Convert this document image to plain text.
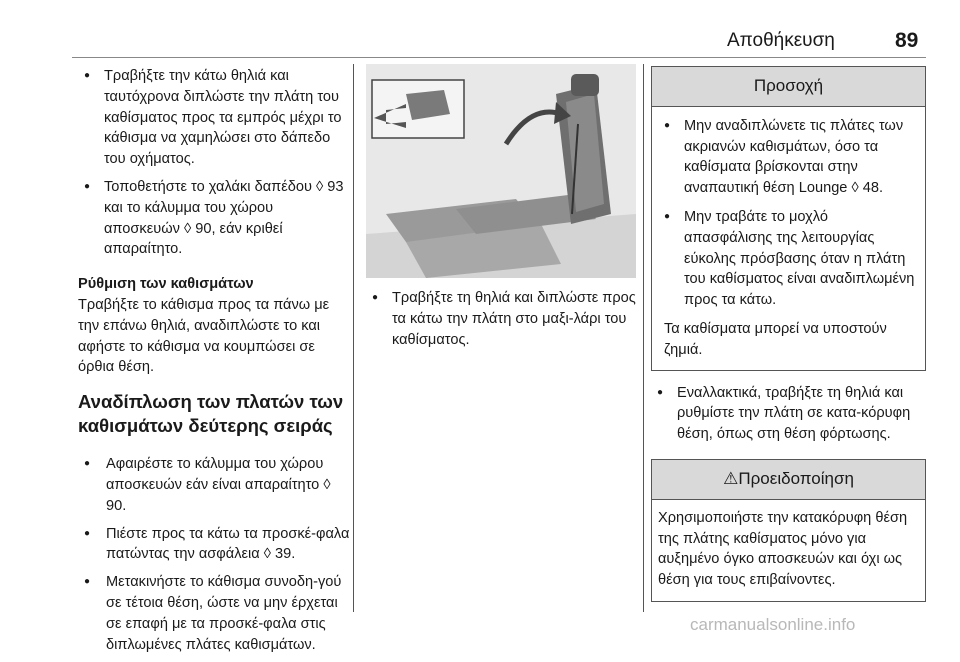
Αποθήκευση	89
● Τραβήξτε την κάτω θηλιά και ταυτόχρονα διπλώστε την πλάτη του καθίσματος προς τα εμπρός μέχρι το κάθισμα να χαμηλώσει στο δάπεδο του οχήματος.
● Τοποθετήστε το χαλάκι δαπέδου ◊ 93 και το κάλυμμα του χώρου αποσκευών ◊ 90, εάν κριθεί απαραίτητο.
Ρύθμιση των καθισμάτων
Τραβήξτε το κάθισμα προς τα πάνω με την επάνω θηλιά, αναδιπλώστε το και αφήστε το κάθισμα να κουμπώσει σε όρθια θέση.
Αναδίπλωση των πλατών των καθισμάτων δεύτερης σειράς
● Αφαιρέστε το κάλυμμα του χώρου αποσκευών εάν είναι απαραίτητο ◊ 90.
● Πιέστε προς τα κάτω τα προσκέ-φαλα πατώντας την ασφάλεια ◊ 39.
● Μετακινήστε το κάθισμα συνοδη-γού σε τέτοια θέση, ώστε να μην έρχεται σε επαφή με τα προσκέ-φαλα στις διπλωμένες πλάτες καθισμάτων.
● Τραβήξτε τη θηλιά και διπλώστε προς τα κάτω την πλάτη στο μαξι-λάρι του καθίσματος.
Προσοχή
● Μην αναδιπλώνετε τις πλάτες των ακριανών καθισμάτων, όσο τα καθίσματα βρίσκονται στην αναπαυτική θέση Lounge ◊ 48.
● Μην τραβάτε το μοχλό απασφάλισης της λειτουργίας εύκολης πρόσβασης όταν η πλάτη του καθίσματος είναι αναδιπλωμένη προς τα κάτω.
Τα καθίσματα μπορεί να υποστούν ζημιά.
● Εναλλακτικά, τραβήξτε τη θηλιά και ρυθμίστε την πλάτη σε κατα-κόρυφη θέση, όπως στη θέση φόρτωσης.
⚠Προειδοποίηση
Χρησιμοποιήστε την κατακόρυφη θέση της πλάτης καθίσματος μόνο για αυξημένο όγκο αποσκευών και όχι ως θέση για τους επιβαίνοντες.
carmanualsonline.info
